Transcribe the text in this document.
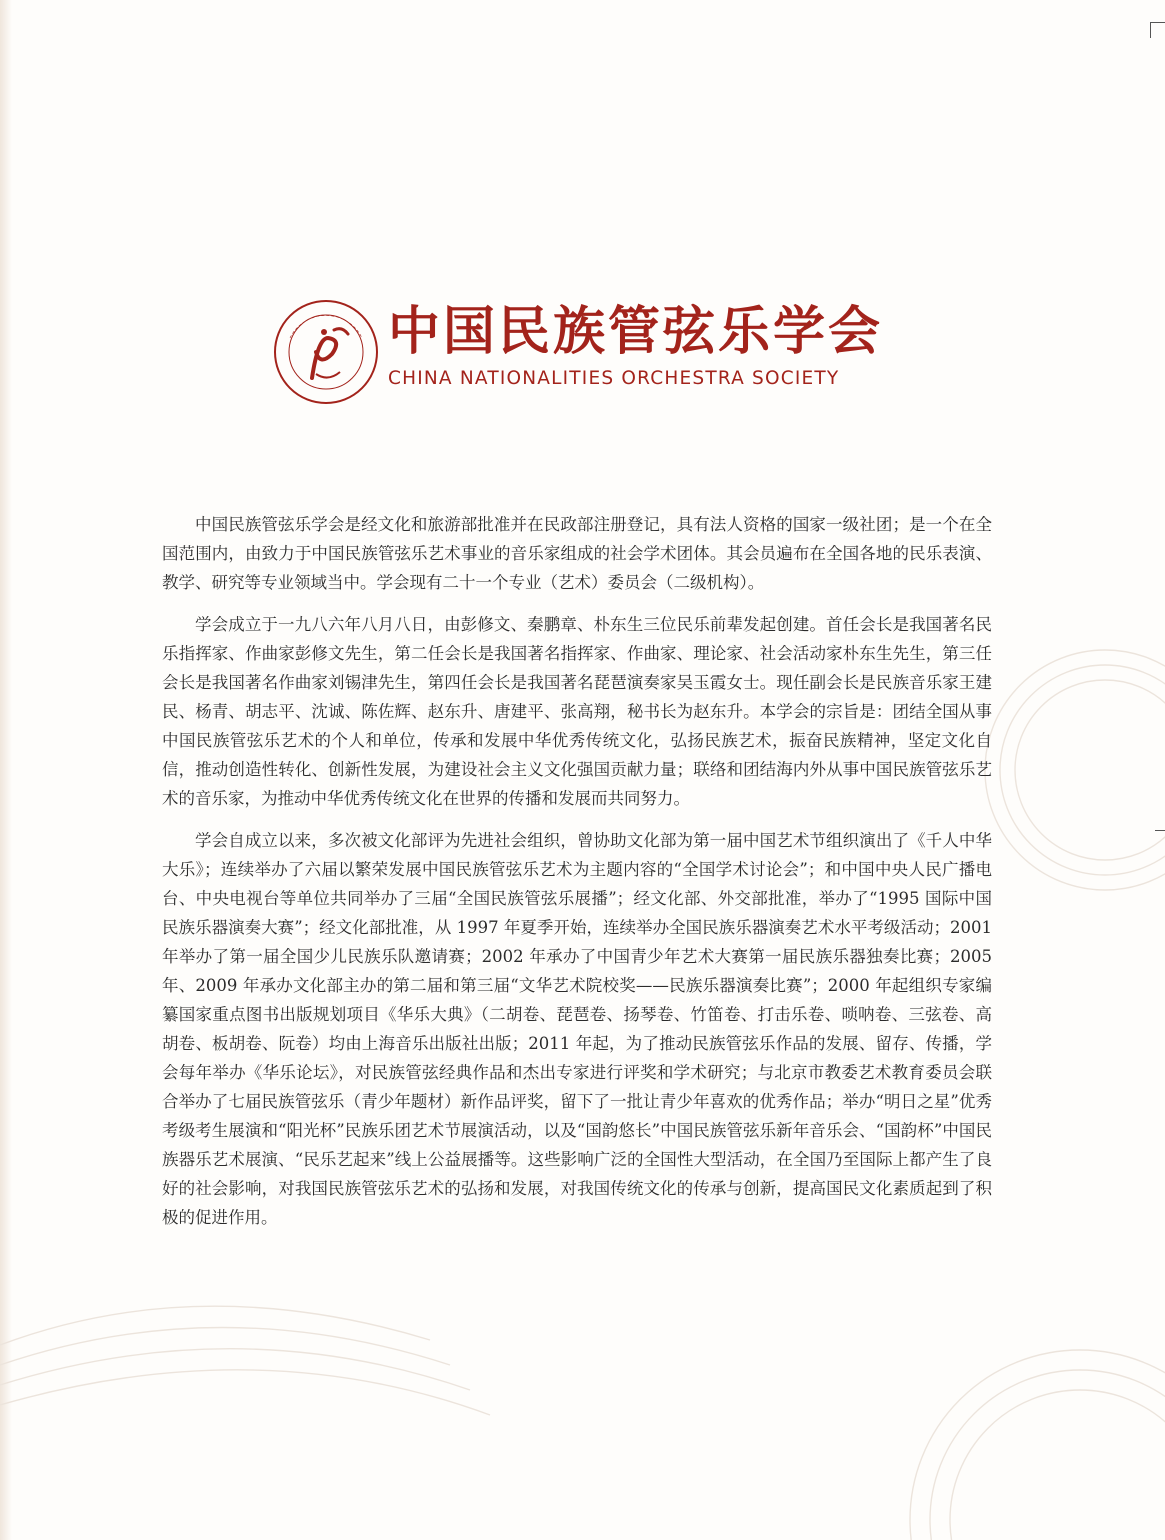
中国民族管弦乐学会
CHINA NATIONALITIES ORCHESTRA SOCIETY

中国民族管弦乐学会是经文化和旅游部批准并在民政部注册登记，具有法人资格的国家一级社团；是一个在全国范围内，由致力于中国民族管弦乐艺术事业的音乐家组成的社会学术团体。其会员遍布在全国各地的民乐表演、教学、研究等专业领域当中。学会现有二十一个专业（艺术）委员会（二级机构）。

学会成立于一九八六年八月八日，由彭修文、秦鹏章、朴东生三位民乐前辈发起创建。首任会长是我国著名民乐指挥家、作曲家彭修文先生，第二任会长是我国著名指挥家、作曲家、理论家、社会活动家朴东生先生，第三任会长是我国著名作曲家刘锡津先生，第四任会长是我国著名琵琶演奏家吴玉霞女士。现任副会长是民族音乐家王建民、杨青、胡志平、沈诚、陈佐辉、赵东升、唐建平、张高翔，秘书长为赵东升。本学会的宗旨是：团结全国从事中国民族管弦乐艺术的个人和单位，传承和发展中华优秀传统文化，弘扬民族艺术，振奋民族精神，坚定文化自信，推动创造性转化、创新性发展，为建设社会主义文化强国贡献力量；联络和团结海内外从事中国民族管弦乐艺术的音乐家，为推动中华优秀传统文化在世界的传播和发展而共同努力。

学会自成立以来，多次被文化部评为先进社会组织，曾协助文化部为第一届中国艺术节组织演出了《千人中华大乐》；连续举办了六届以繁荣发展中国民族管弦乐艺术为主题内容的“全国学术讨论会”；和中国中央人民广播电台、中央电视台等单位共同举办了三届“全国民族管弦乐展播”；经文化部、外交部批准，举办了“1995 国际中国民族乐器演奏大赛”；经文化部批准，从 1997 年夏季开始，连续举办全国民族乐器演奏艺术水平考级活动；2001 年举办了第一届全国少儿民族乐队邀请赛；2002 年承办了中国青少年艺术大赛第一届民族乐器独奏比赛；2005 年、2009 年承办文化部主办的第二届和第三届“文华艺术院校奖——民族乐器演奏比赛”；2000 年起组织专家编纂国家重点图书出版规划项目《华乐大典》（二胡卷、琵琶卷、扬琴卷、竹笛卷、打击乐卷、唢呐卷、三弦卷、高胡卷、板胡卷、阮卷）均由上海音乐出版社出版；2011 年起，为了推动民族管弦乐作品的发展、留存、传播，学会每年举办《华乐论坛》，对民族管弦经典作品和杰出专家进行评奖和学术研究；与北京市教委艺术教育委员会联合举办了七届民族管弦乐（青少年题材）新作品评奖，留下了一批让青少年喜欢的优秀作品；举办“明日之星”优秀考级考生展演和“阳光杯”民族乐团艺术节展演活动，以及“国韵悠长”中国民族管弦乐新年音乐会、“国韵杯”中国民族器乐艺术展演、“民乐艺起来”线上公益展播等。这些影响广泛的全国性大型活动，在全国乃至国际上都产生了良好的社会影响，对我国民族管弦乐艺术的弘扬和发展，对我国传统文化的传承与创新，提高国民文化素质起到了积极的促进作用。
